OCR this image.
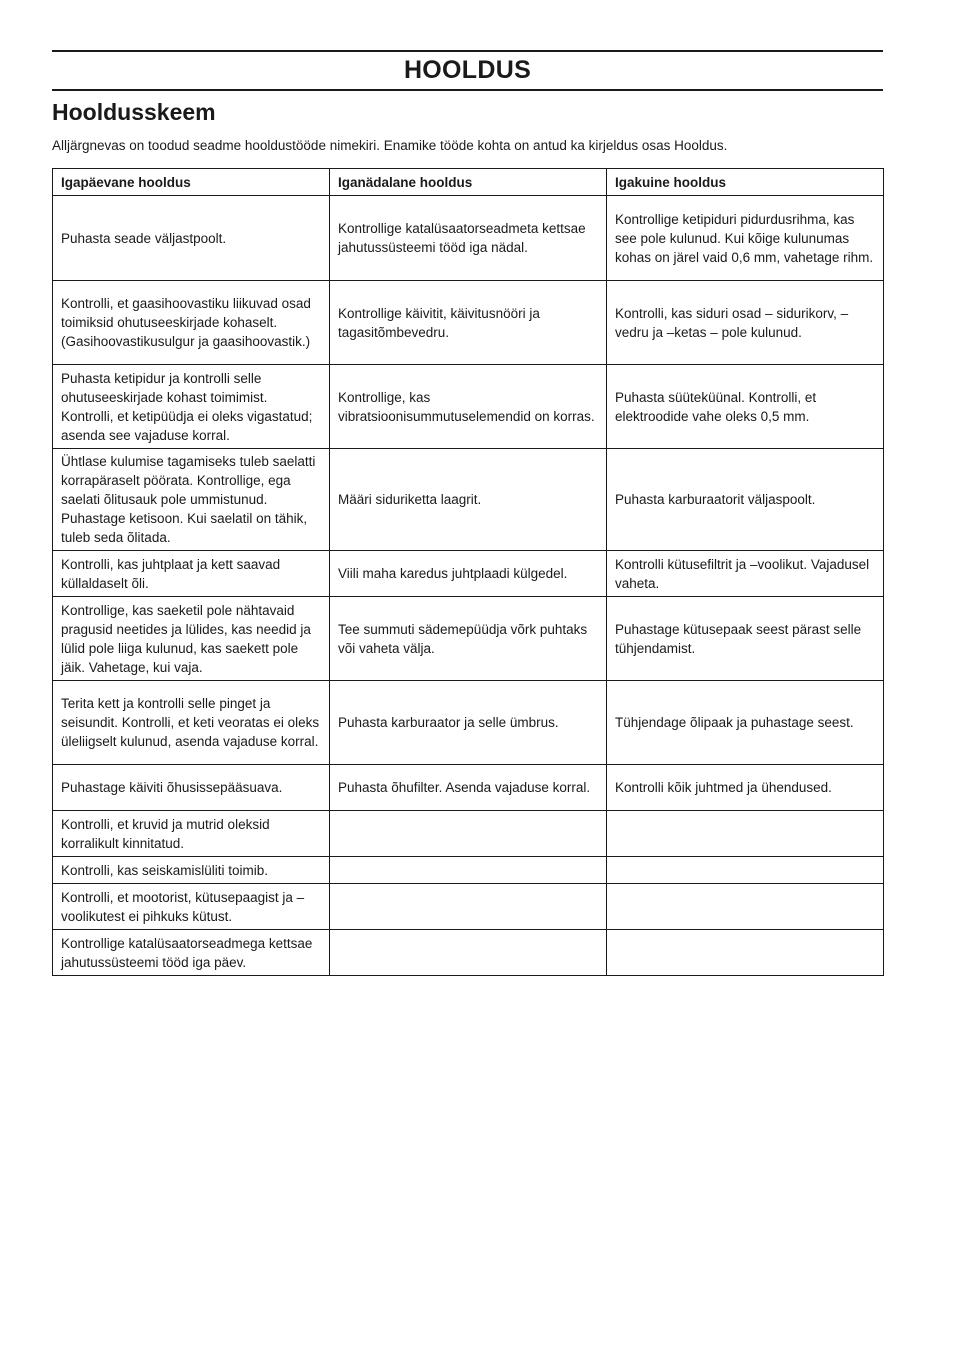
HOOLDUS
Hooldusskeem

Alljärgnevas on toodud seadme hooldustööde nimekiri. Enamike tööde kohta on antud ka kirjeldus osas Hooldus.

Igapäevane hooldus	Iganädalane hooldus	Igakuine hooldus
Puhasta seade väljastpoolt.	Kontrollige katalüsaatorseadmeta kettsae jahutussüsteemi tööd iga nädal.	Kontrollige ketipiduri pidurdusrihma, kas see pole kulunud. Kui kõige kulunumas kohas on järel vaid 0,6 mm, vahetage rihm.
Kontrolli, et gaasihoovastiku liikuvad osad toimiksid ohutuseeskirjade kohaselt. (Gasihoovastikusulgur ja gaasihoovastik.)	Kontrollige käivitit, käivitusnööri ja tagasitõmbevedru.	Kontrolli, kas siduri osad – sidurikorv, –vedru ja –ketas – pole kulunud.
Puhasta ketipidur ja kontrolli selle ohutuseeskirjade kohast toimimist. Kontrolli, et ketipüüdja ei oleks vigastatud; asenda see vajaduse korral.	Kontrollige, kas vibratsioonisummutuselemendid on korras.	Puhasta süüteküünal. Kontrolli, et elektroodide vahe oleks 0,5 mm.
Ühtlase kulumise tagamiseks tuleb saelatti korrapäraselt pöörata. Kontrollige, ega saelati õlitusauk pole ummistunud. Puhastage ketisoon. Kui saelatil on tähik, tuleb seda õlitada.	Määri siduriketta laagrit.	Puhasta karburaatorit väljaspoolt.
Kontrolli, kas juhtplaat ja kett saavad küllaldaselt õli.	Viili maha karedus juhtplaadi külgedel.	Kontrolli kütusefiltrit ja –voolikut. Vajadusel vaheta.
Kontrollige, kas saeketil pole nähtavaid pragusid neetides ja lülides, kas needid ja lülid pole liiga kulunud, kas saekett pole jäik. Vahetage, kui vaja.	Tee summuti sädemepüüdja võrk puhtaks või vaheta välja.	Puhastage kütusepaak seest pärast selle tühjendamist.
Terita kett ja kontrolli selle pinget ja seisundit. Kontrolli, et keti veoratas ei oleks üleliigselt kulunud, asenda vajaduse korral.	Puhasta karburaator ja selle ümbrus.	Tühjendage õlipaak ja puhastage seest.
Puhastage käiviti õhusissepääsuava.	Puhasta õhufilter. Asenda vajaduse korral.	Kontrolli kõik juhtmed ja ühendused.
Kontrolli, et kruvid ja mutrid oleksid korralikult kinnitatud.		
Kontrolli, kas seiskamislüliti toimib.		
Kontrolli, et mootorist, kütusepaagist ja –voolikutest ei pihkuks kütust.		
Kontrollige katalüsaatorseadmega kettsae jahutussüsteemi tööd iga päev.		
